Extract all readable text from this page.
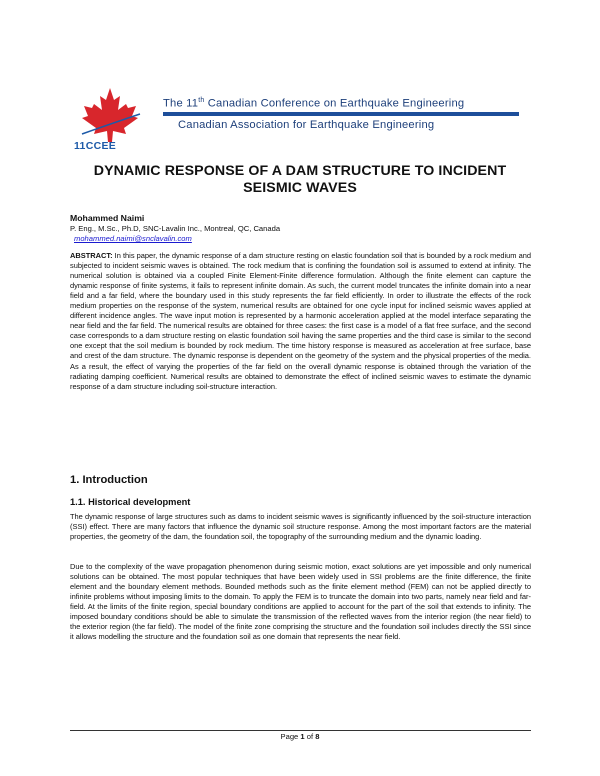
11CCEE
The 11th Canadian Conference on Earthquake Engineering
Canadian Association for Earthquake Engineering
DYNAMIC RESPONSE OF A DAM STRUCTURE TO INCIDENT
SEISMIC WAVES
Mohammed Naimi
P. Eng., M.Sc., Ph.D, SNC-Lavalin Inc., Montreal, QC, Canada
mohammed.naimi@snclavalin.com
ABSTRACT: In this paper, the dynamic response of a dam structure resting on elastic foundation soil that is bounded by a rock medium and subjected to incident seismic waves is obtained. The rock medium that is confining the foundation soil is assumed to extend at infinity. The numerical solution is obtained via a coupled Finite Element-Finite difference formulation. Although the finite element can capture the dynamic response of finite systems, it fails to represent infinite domain. As such, the current model truncates the infinite domain into a near field and a far field, where the boundary used in this study represents the far field efficiently. In order to illustrate the effects of the rock medium properties on the response of the system, numerical results are obtained for one cycle input for inclined seismic waves applied at different incidence angles. The wave input motion is represented by a harmonic acceleration applied at the model interface separating the near field and the far field. The numerical results are obtained for three cases: the first case is a model of a flat free surface, and the second case corresponds to a dam structure resting on elastic foundation soil having the same properties and the third case is similar to the second one except that the soil medium is bounded by rock medium. The time history response is measured as acceleration at free surface, base and crest of the dam structure. The dynamic response is dependent on the geometry of the system and the physical properties of the media. As a result, the effect of varying the properties of the far field on the overall dynamic response is obtained through the variation of the radiating damping coefficient. Numerical results are obtained to demonstrate the effect of inclined seismic waves to estimate the dynamic response of a dam structure including soil-structure interaction.
1. Introduction
1.1. Historical development

The dynamic response of large structures such as dams to incident seismic waves is significantly influenced by the soil-structure interaction (SSI) effect. There are many factors that influence the dynamic soil structure response. Among the most important factors are the material properties, the geometry of the dam, the foundation soil, the topography of the surrounding medium and the dynamic loading.

Due to the complexity of the wave propagation phenomenon during seismic motion, exact solutions are yet impossible and only numerical solutions can be obtained. The most popular techniques that have been widely used in SSI problems are the finite difference, the finite element and the boundary element methods. Bounded methods such as the finite element method (FEM) can not be applied directly to infinite problems without imposing limits to the domain. To apply the FEM is to truncate the domain into two parts, namely near field and far-field. At the limits of the finite region, special boundary conditions are applied to account for the part of the soil that extends to infinity. The imposed boundary conditions should be able to simulate the transmission of the reflected waves from the interior region (the near field) to the exterior region (the far field). The model of the finite zone comprising the structure and the foundation soil includes directly the SSI since it allows modelling the structure and the foundation soil as one domain that represents the near field.

Page 1 of 8
